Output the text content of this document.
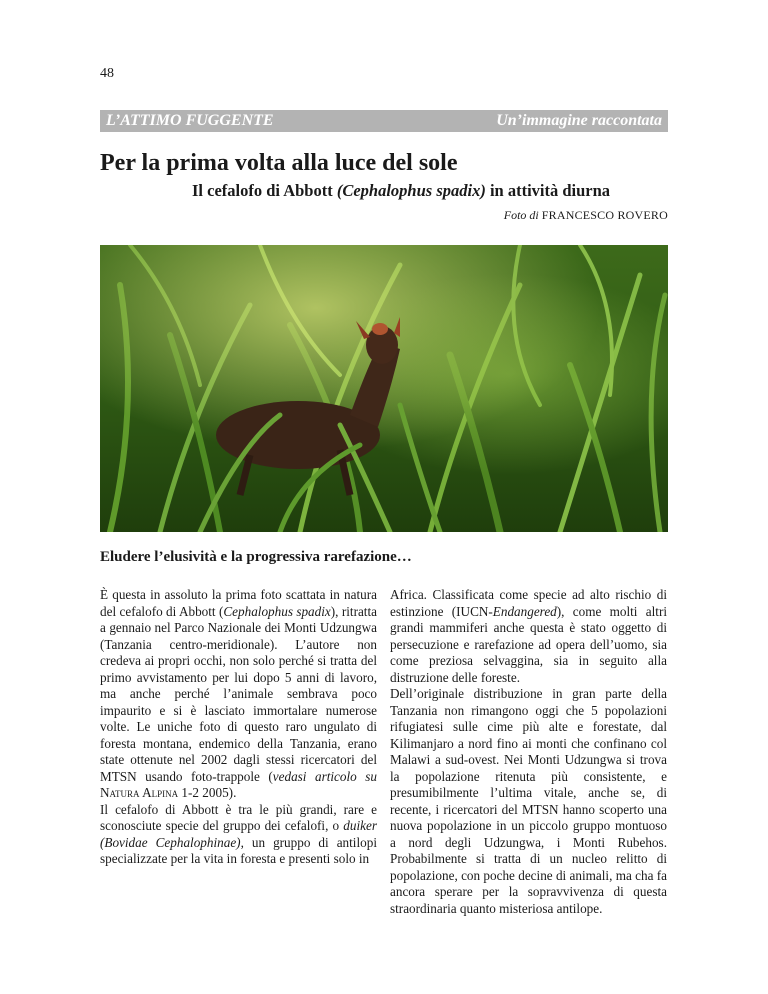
48
L’ATTIMO FUGGENTE	Un’immagine raccontata
Per la prima volta alla luce del sole
Il cefalofo di Abbott (Cephalophus spadix) in attività diurna
Foto di FRANCESCO ROVERO

Eludere l’elusività e la progressiva rarefazione…

È questa in assoluto la prima foto scattata in natura del cefalofo di Abbott (Cephalophus spadix), ritratta a gennaio nel Parco Nazionale dei Monti Udzungwa (Tanzania centro-meridionale). L’autore non credeva ai propri occhi, non solo perché si tratta del primo avvistamento per lui dopo 5 anni di lavoro, ma anche perché l’animale sembrava poco impaurito e si è lasciato immortalare numerose volte. Le uniche foto di questo raro ungulato di foresta montana, endemico della Tanzania, erano state ottenute nel 2002 dagli stessi ricercatori del MTSN usando foto-trappole (vedasi articolo su Natura Alpina 1-2 2005).

Il cefalofo di Abbott è tra le più grandi, rare e sconosciute specie del gruppo dei cefalofi, o duiker (Bovidae Cephalophinae), un gruppo di antilopi specializzate per la vita in foresta e presenti solo in

Africa. Classificata come specie ad alto rischio di estinzione (IUCN-Endangered), come molti altri grandi mammiferi anche questa è stato oggetto di persecuzione e rarefazione ad opera dell’uomo, sia come preziosa selvaggina, sia in seguito alla distruzione delle foreste.

Dell’originale distribuzione in gran parte della Tanzania non rimangono oggi che 5 popolazioni rifugiatesi sulle cime più alte e forestate, dal Kilimanjaro a nord fino ai monti che confinano col Malawi a sud-ovest. Nei Monti Udzungwa si trova la popolazione ritenuta più consistente, e presumibilmente l’ultima vitale, anche se, di recente, i ricercatori del MTSN hanno scoperto una nuova popolazione in un piccolo gruppo montuoso a nord degli Udzungwa, i Monti Rubehos. Probabilmente si tratta di un nucleo relitto di popolazione, con poche decine di animali, ma cha fa ancora sperare per la sopravvivenza di questa straordinaria quanto misteriosa antilope.
